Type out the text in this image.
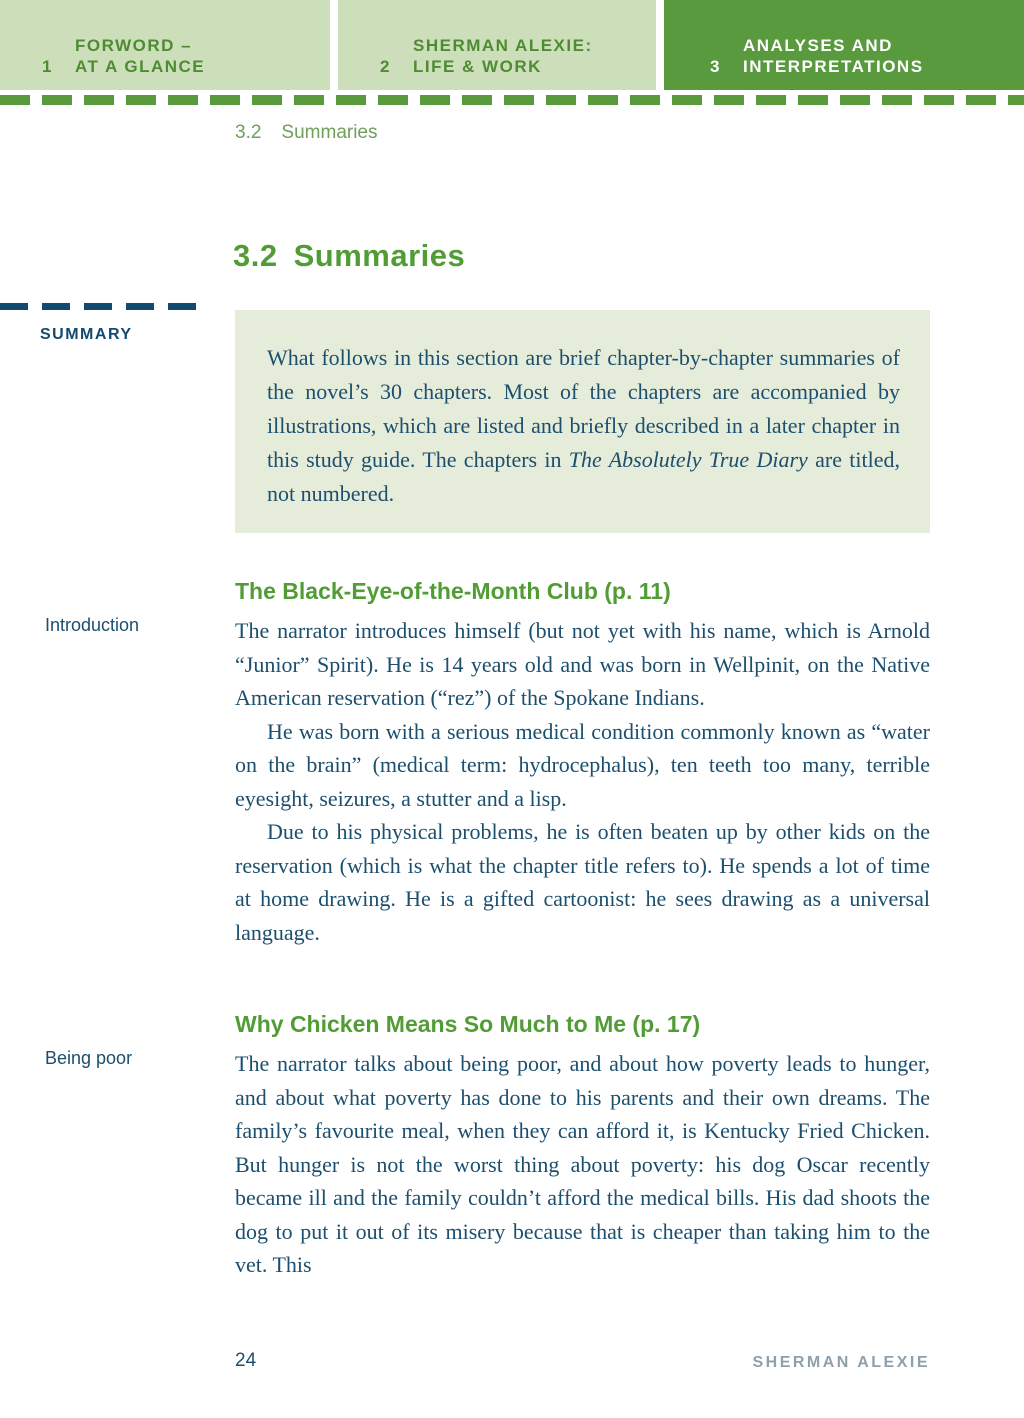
1
FORWORD –
AT A GLANCE	2
SHERMAN ALEXIE:
LIFE & WORK	3
ANALYSES AND
INTERPRETATIONS
3.2 Summaries
3.2 Summaries
SUMMARY

What follows in this section are brief chapter-by-chapter summaries of the novel’s 30 chapters. Most of the chapters are accompanied by illustrations, which are listed and briefly described in a later chapter in this study guide. The chapters in The Absolutely True Diary are titled, not numbered.

Introduction
Being poor
The Black-Eye-of-the-Month Club (p. 11)

The narrator introduces himself (but not yet with his name, which is Arnold “Junior” Spirit). He is 14 years old and was born in Wellpinit, on the Native American reservation (“rez”) of the Spokane Indians.

He was born with a serious medical condition commonly known as “water on the brain” (medical term: hydrocephalus), ten teeth too many, terrible eyesight, seizures, a stutter and a lisp.

Due to his physical problems, he is often beaten up by other kids on the reservation (which is what the chapter title refers to). He spends a lot of time at home drawing. He is a gifted cartoonist: he sees drawing as a universal language.

Why Chicken Means So Much to Me (p. 17)

The narrator talks about being poor, and about how poverty leads to hunger, and about what poverty has done to his parents and their own dreams. The family’s favourite meal, when they can afford it, is Kentucky Fried Chicken. But hunger is not the worst thing about poverty: his dog Oscar recently became ill and the family couldn’t afford the medical bills. His dad shoots the dog to put it out of its misery because that is cheaper than taking him to the vet. This

24	SHERMAN ALEXIE
